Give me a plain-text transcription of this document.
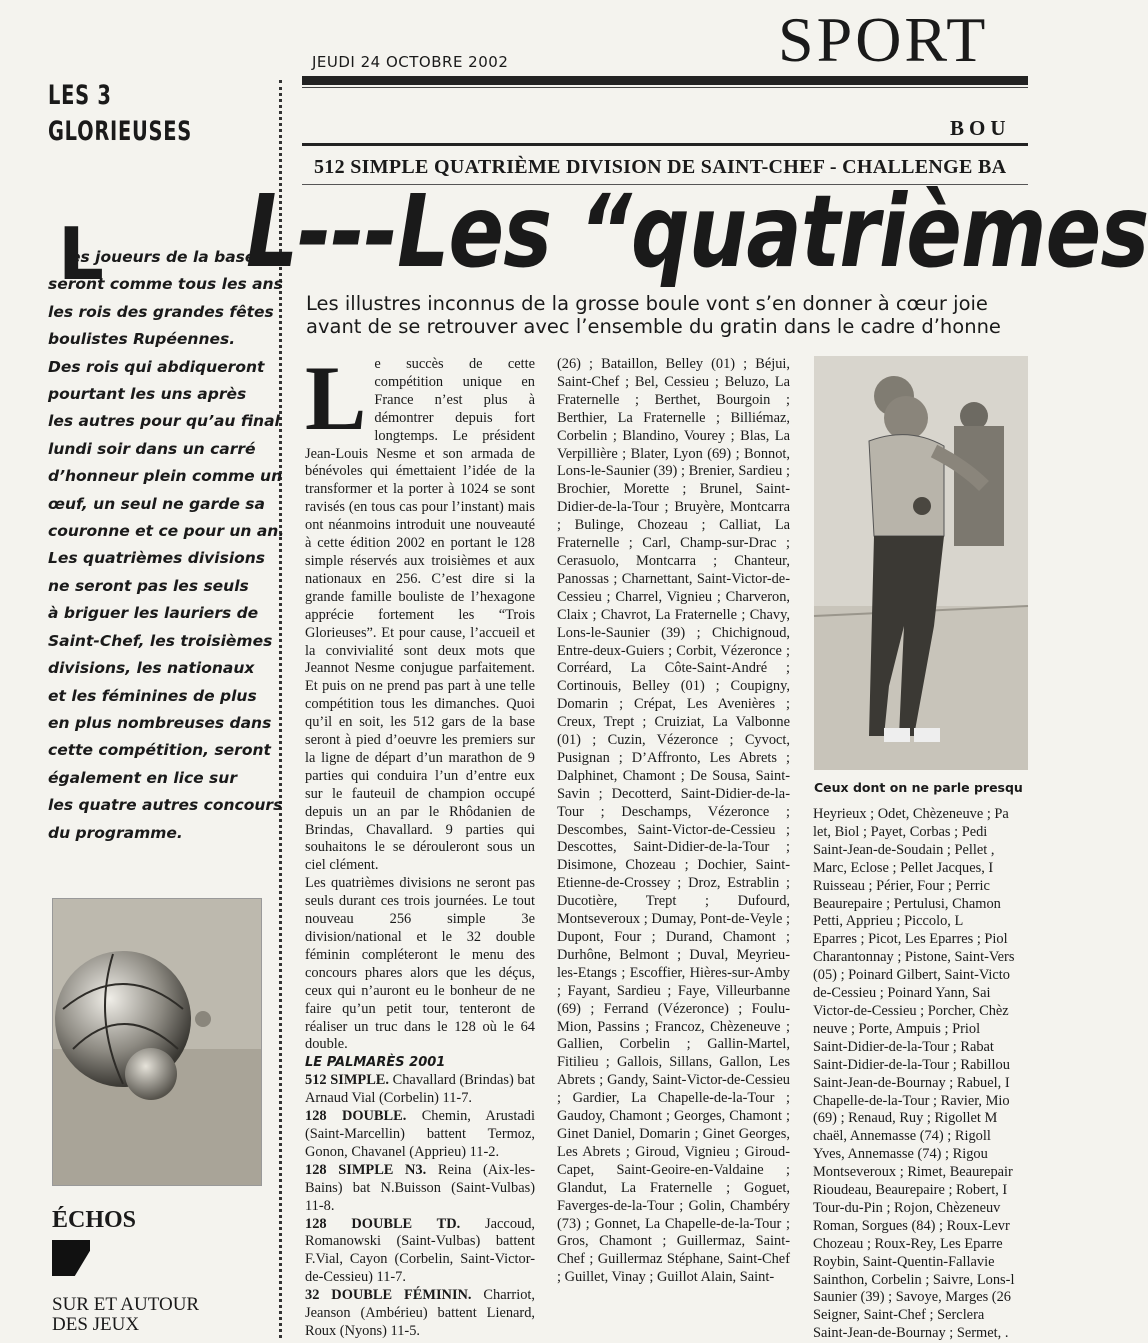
LES 3
GLORIEUSES
L

es joueurs de la base

seront comme tous les ans

les rois des grandes fêtes

boulistes Rupéennes.

Des rois qui abdiqueront

pourtant les uns après

les autres pour qu’au final

lundi soir dans un carré

d’honneur plein comme un

œuf, un seul ne garde sa

couronne et ce pour un an.

Les quatrièmes divisions

ne seront pas les seuls

à briguer les lauriers de

Saint-Chef, les troisièmes

divisions, les nationaux

et les féminines de plus

en plus nombreuses dans

cette compétition, seront

également en lice sur

les quatre autres concours

du programme.

ÉCHOS
SUR ET AUTOUR
DES JEUX
JEUDI 24 OCTOBRE 2002	SPORT
BOU
512 SIMPLE QUATRIÈME DIVISION DE SAINT-CHEF - CHALLENGE BA
L---Les “quatrièmes

Les illustres inconnus de la grosse boule vont s’en donner à cœur joie

avant de se retrouver avec l’ensemble du gratin dans le cadre d’honne

L e succès de cette compétition unique en France n’est plus à démontrer depuis fort longtemps. Le président Jean-Louis Nesme et son armada de bénévoles qui émettaient l’idée de la transformer et la porter à 1024 se sont ravisés (en tous cas pour l’instant) mais ont néanmoins introduit une nouveauté à cette édition 2002 en portant le 128 simple réservés aux troisièmes et aux nationaux en 256. C’est dire si la grande famille bouliste de l’hexagone apprécie fortement les “Trois Glorieuses”. Et pour cause, l’accueil et la convivialité sont deux mots que Jeannot Nesme conjugue parfaitement. Et puis on ne prend pas part à une telle compétition tous les dimanches. Quoi qu’il en soit, les 512 gars de la base seront à pied d’oeuvre les premiers sur la ligne de départ d’un marathon de 9 parties qui conduira l’un d’entre eux sur le fauteuil de champion occupé depuis un an par le Rhôdanien de Brindas, Chavallard. 9 parties qui souhaitons le se dérouleront sous un ciel clément.

Les quatrièmes divisions ne seront pas seuls durant ces trois journées. Le tout nouveau 256 simple 3e division/national et le 32 double féminin compléteront le menu des concours phares alors que les déçus, ceux qui n’auront eu le bonheur de ne faire qu’un petit tour, tenteront de réaliser un truc dans le 128 où le 64 double.

LE PALMARÈS 2001

512 SIMPLE. Chavallard (Brindas) bat Arnaud Vial (Corbelin) 11-7.

128 DOUBLE. Chemin, Arustadi (Saint-Marcellin) battent Termoz, Gonon, Chavanel (Apprieu) 11-2.

128 SIMPLE N3. Reina (Aix-les-Bains) bat N.Buisson (Saint-Vulbas) 11-8.

128 DOUBLE TD. Jaccoud, Romanowski (Saint-Vulbas) battent F.Vial, Cayon (Corbelin, Saint-Victor-de-Cessieu) 11-7.

32 DOUBLE FÉMININ. Charriot, Jeanson (Ambérieu) battent Lienard, Roux (Nyons) 11-5.

(26) ; Bataillon, Belley (01) ; Béjui, Saint-Chef ; Bel, Cessieu ; Beluzo, La Fraternelle ; Berthet, Bourgoin ; Berthier, La Fraternelle ; Billiémaz, Corbelin ; Blandino, Vourey ; Blas, La Verpillière ; Blater, Lyon (69) ; Bonnot, Lons-le-Saunier (39) ; Brenier, Sardieu ; Brochier, Morette ; Brunel, Saint-Didier-de-la-Tour ; Bruyère, Montcarra ; Bulinge, Chozeau ; Calliat, La Fraternelle ; Carl, Champ-sur-Drac ; Cerasuolo, Montcarra ; Chanteur, Panossas ; Charnettant, Saint-Victor-de-Cessieu ; Charrel, Vignieu ; Charveron, Claix ; Chavrot, La Fraternelle ; Chavy, Lons-le-Saunier (39) ; Chichignoud, Entre-deux-Guiers ; Corbit, Vézeronce ; Corréard, La Côte-Saint-André ; Cortinouis, Belley (01) ; Coupigny, Domarin ; Crépat, Les Avenières ; Creux, Trept ; Cruiziat, La Valbonne (01) ; Cuzin, Vézeronce ; Cyvoct, Pusignan ; D’Affronto, Les Abrets ; Dalphinet, Chamont ; De Sousa, Saint-Savin ; Decotterd, Saint-Didier-de-la-Tour ; Deschamps, Vézeronce ; Descombes, Saint-Victor-de-Cessieu ; Descottes, Saint-Didier-de-la-Tour ; Disimone, Chozeau ; Dochier, Saint-Etienne-de-Crossey ; Droz, Estrablin ; Ducotière, Trept ; Dufourd, Montseveroux ; Dumay, Pont-de-Veyle ; Dupont, Four ; Durand, Chamont ; Durhône, Belmont ; Duval, Meyrieu-les-Etangs ; Escoffier, Hières-sur-Amby ; Fayant, Sardieu ; Faye, Villeurbanne (69) ; Ferrand (Vézeronce) ; Foulu-Mion, Passins ; Francoz, Chèzeneuve ; Gallien, Corbelin ; Gallin-Martel, Fitilieu ; Gallois, Sillans, Gallon, Les Abrets ; Gandy, Saint-Victor-de-Cessieu ; Gardier, La Chapelle-de-la-Tour ; Gaudoy, Chamont ; Georges, Chamont ; Ginet Daniel, Domarin ; Ginet Georges, Les Abrets ; Giroud, Vignieu ; Giroud-Capet, Saint-Geoire-en-Valdaine ; Glandut, La Fraternelle ; Goguet, Faverges-de-la-Tour ; Golin, Chambéry (73) ; Gonnet, La Chapelle-de-la-Tour ; Gros, Chamont ; Guillermaz, Saint-Chef ; Guillermaz Stéphane, Saint-Chef ; Guillet, Vinay ; Guillot Alain, Saint-

Ceux dont on ne parle presqu
Heyrieux ; Odet, Chèzeneuve ; Pa
let, Biol ; Payet, Corbas ; Pedi
Saint-Jean-de-Soudain ; Pellet ,
Marc, Eclose ; Pellet Jacques, I
Ruisseau ; Périer, Four ; Perric
Beaurepaire ; Pertulusi, Chamon
Petti, Apprieu ; Piccolo, L
Eparres ; Picot, Les Eparres ; Piol
Charantonnay ; Pistone, Saint-Vers
(05) ; Poinard Gilbert, Saint-Victo
de-Cessieu ; Poinard Yann, Sai
Victor-de-Cessieu ; Porcher, Chèz
neuve ; Porte, Ampuis ; Priol
Saint-Didier-de-la-Tour ; Rabat
Saint-Didier-de-la-Tour ; Rabillou
Saint-Jean-de-Bournay ; Rabuel, I
Chapelle-de-la-Tour ; Ravier, Mio
(69) ; Renaud, Ruy ; Rigollet M
chaël, Annemasse (74) ; Rigoll
Yves, Annemasse (74) ; Rigou
Montseveroux ; Rimet, Beaurepair
Rioudeau, Beaurepaire ; Robert, I
Tour-du-Pin ; Rojon, Chèzeneuv
Roman, Sorgues (84) ; Roux-Levr
Chozeau ; Roux-Rey, Les Eparre
Roybin, Saint-Quentin-Fallavie
Sainthon, Corbelin ; Saivre, Lons-l
Saunier (39) ; Savoye, Marges (26
Seigner, Saint-Chef ; Serclera
Saint-Jean-de-Bournay ; Sermet, .
